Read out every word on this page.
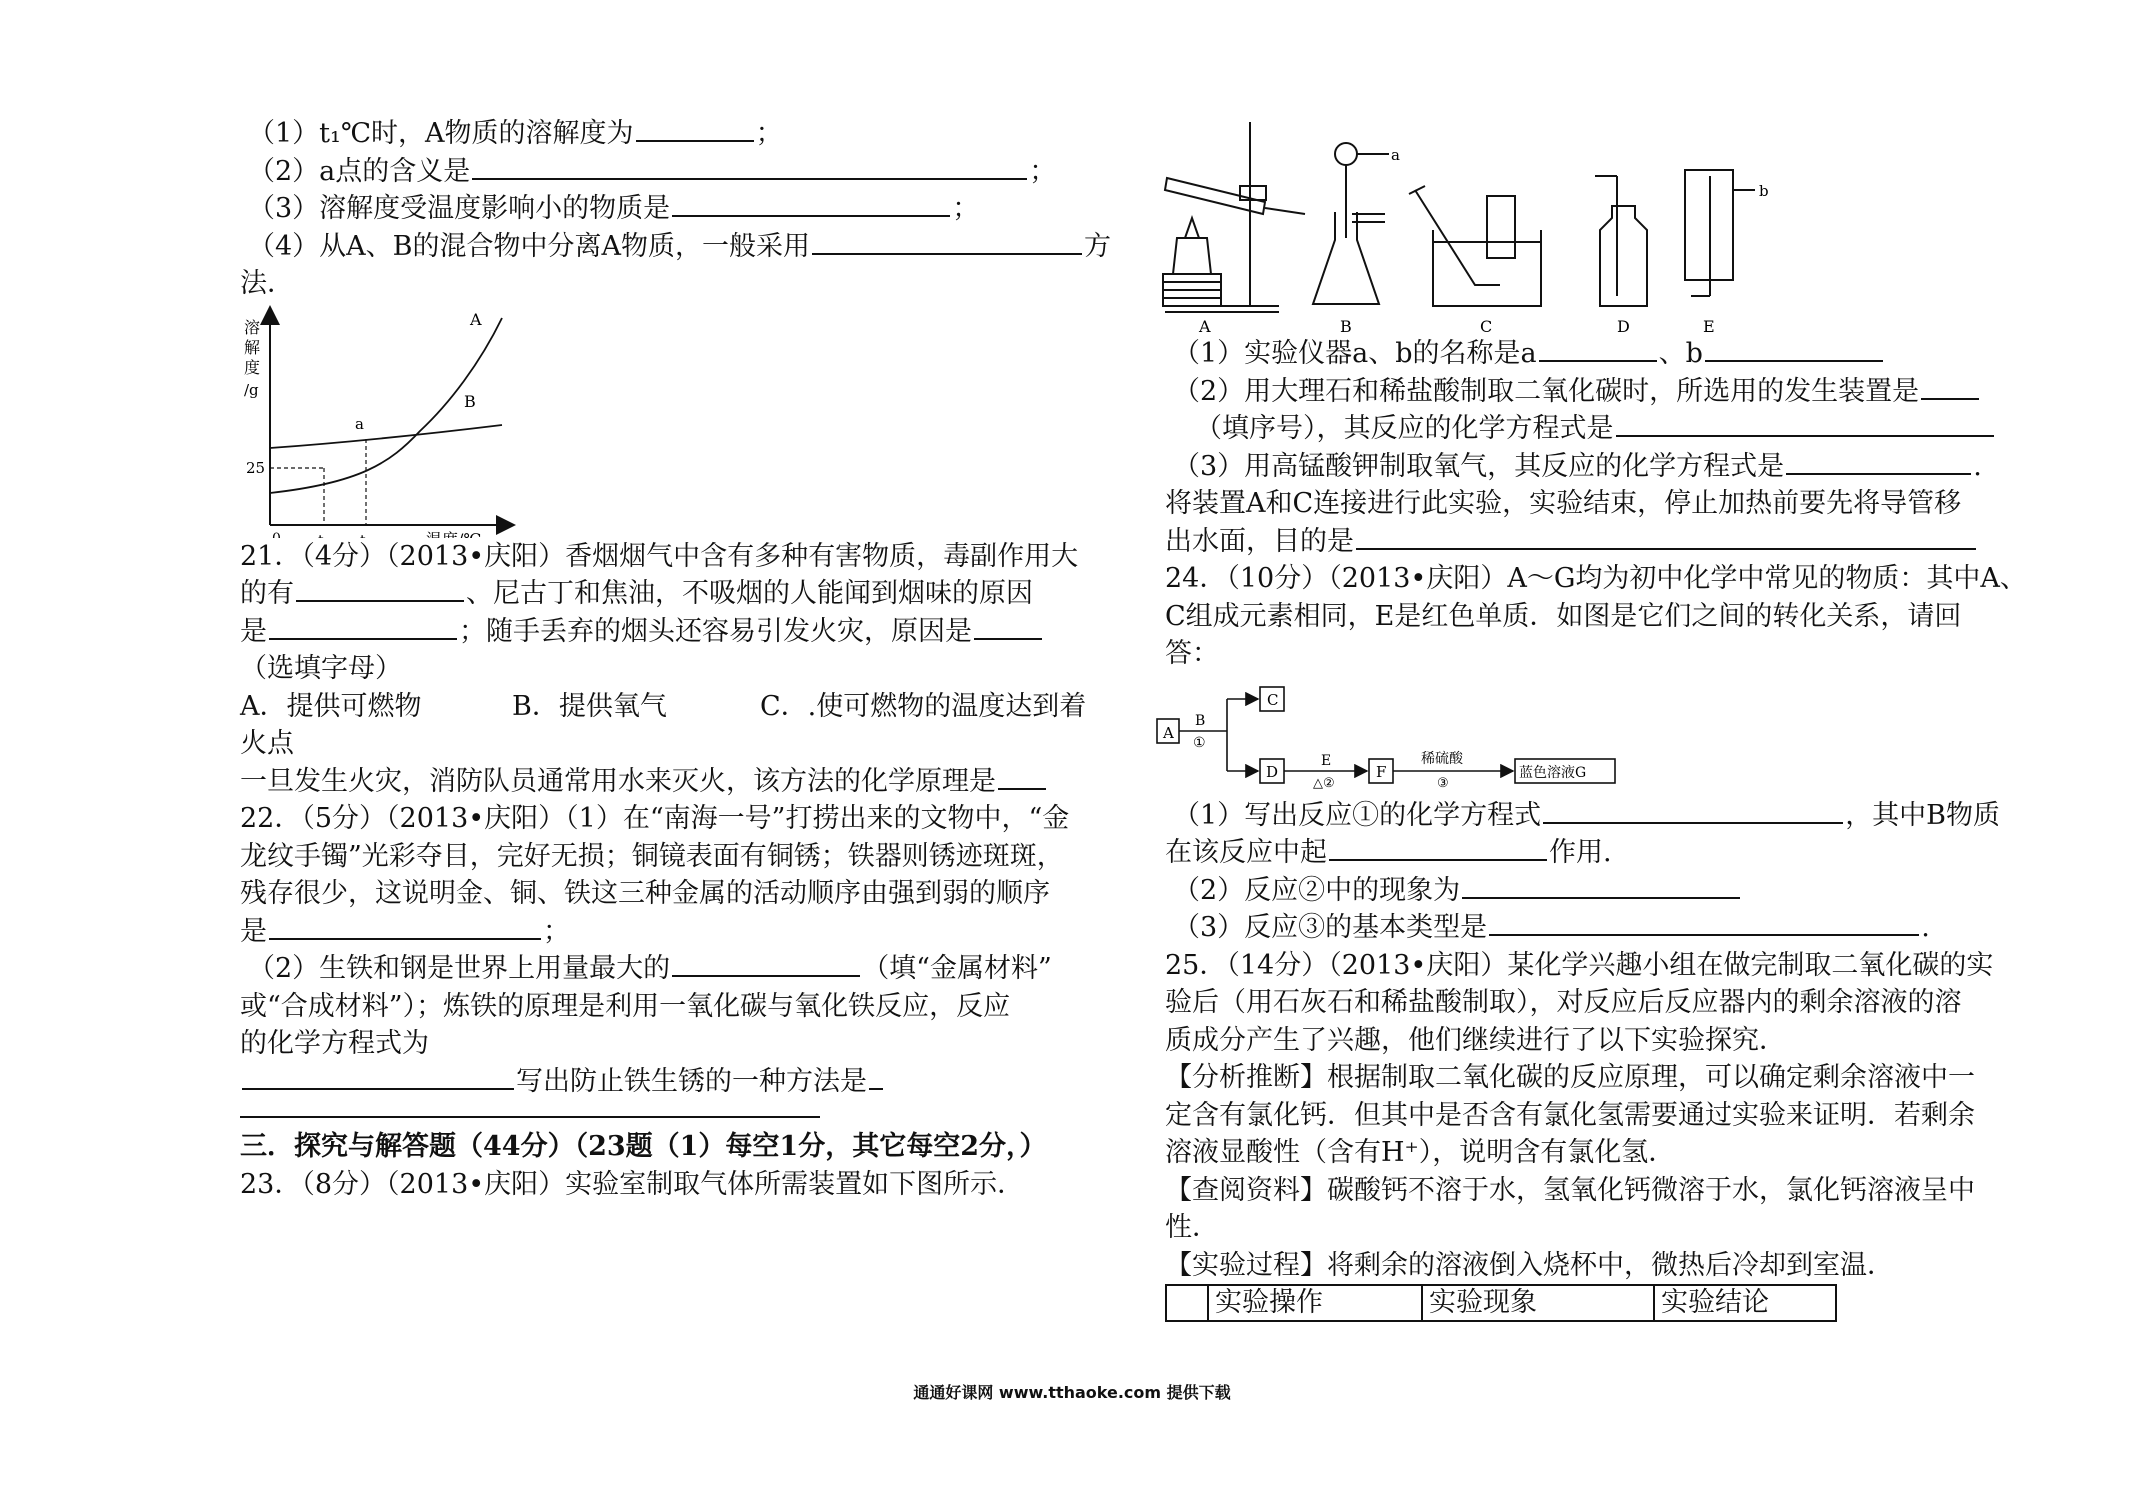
（1）t₁℃时，A物质的溶解度为	；
（2）a点的含义是	；
（3）溶解度受温度影响小的物质是	；
（4）从A、B的混合物中分离A物质，一般采用	方
法．
溶
解
度
/g
25
A
B
a
21．（4分）（2013•庆阳）香烟烟气中含有多种有害物质，毒副作用大
的有	、尼古丁和焦油，不吸烟的人能闻到烟味的原因
是	；随手丢弃的烟头还容易引发火灾，原因是
（选填字母）
A．提供可燃物	B．提供氧气	C．.使可燃物的温度达到着
火点
一旦发生火灾，消防队员通常用水来灭火，该方法的化学原理是
22．（5分）（2013•庆阳）（1）在“南海一号”打捞出来的文物中，“金
龙纹手镯”光彩夺目，完好无损；铜镜表面有铜锈；铁器则锈迹斑斑，
残存很少，这说明金、铜、铁这三种金属的活动顺序由强到弱的顺序
是	；
（2）生铁和钢是世界上用量最大的	（填“金属材料”
或“合成材料”）；炼铁的原理是利用一氧化碳与氧化铁反应，反应
的化学方程式为
写出防止铁生锈的一种方法是
三．探究与解答题（44分）（23题（1）每空1分，其它每空2分，）
23．（8分）（2013•庆阳）实验室制取气体所需装置如下图所示．
A	B	C	D	E
a
b
（1）实验仪器a、b的名称是a	、b
（2）用大理石和稀盐酸制取二氧化碳时，所选用的发生装置是
（填序号），其反应的化学方程式是
（3）用高锰酸钾制取氧气，其反应的化学方程式是	.
将装置A和C连接进行此实验，实验结束，停止加热前要先将导管移
出水面，目的是
24．（10分）（2013•庆阳）A～G均为初中化学中常见的物质：其中A、
C组成元素相同，E是红色单质．如图是它们之间的转化关系，请回
答：
A
C
D	F	蓝色溶液G
B
①
E
△②
稀硫酸
③
（1）写出反应①的化学方程式	，其中B物质
在该反应中起	作用.
（2）反应②中的现象为
（3）反应③的基本类型是	.
25．（14分）（2013•庆阳）某化学兴趣小组在做完制取二氧化碳的实
验后（用石灰石和稀盐酸制取），对反应后反应器内的剩余溶液的溶
质成分产生了兴趣，他们继续进行了以下实验探究．
【分析推断】根据制取二氧化碳的反应原理，可以确定剩余溶液中一
定含有氯化钙．但其中是否含有氯化氢需要通过实验来证明．若剩余
溶液显酸性（含有H⁺），说明含有氯化氢．
【查阅资料】碳酸钙不溶于水，氢氧化钙微溶于水，氯化钙溶液呈中
性．
【实验过程】将剩余的溶液倒入烧杯中，微热后冷却到室温．
	实验操作	实验现象	实验结论
通通好课网 www.tthaoke.com 提供下载
